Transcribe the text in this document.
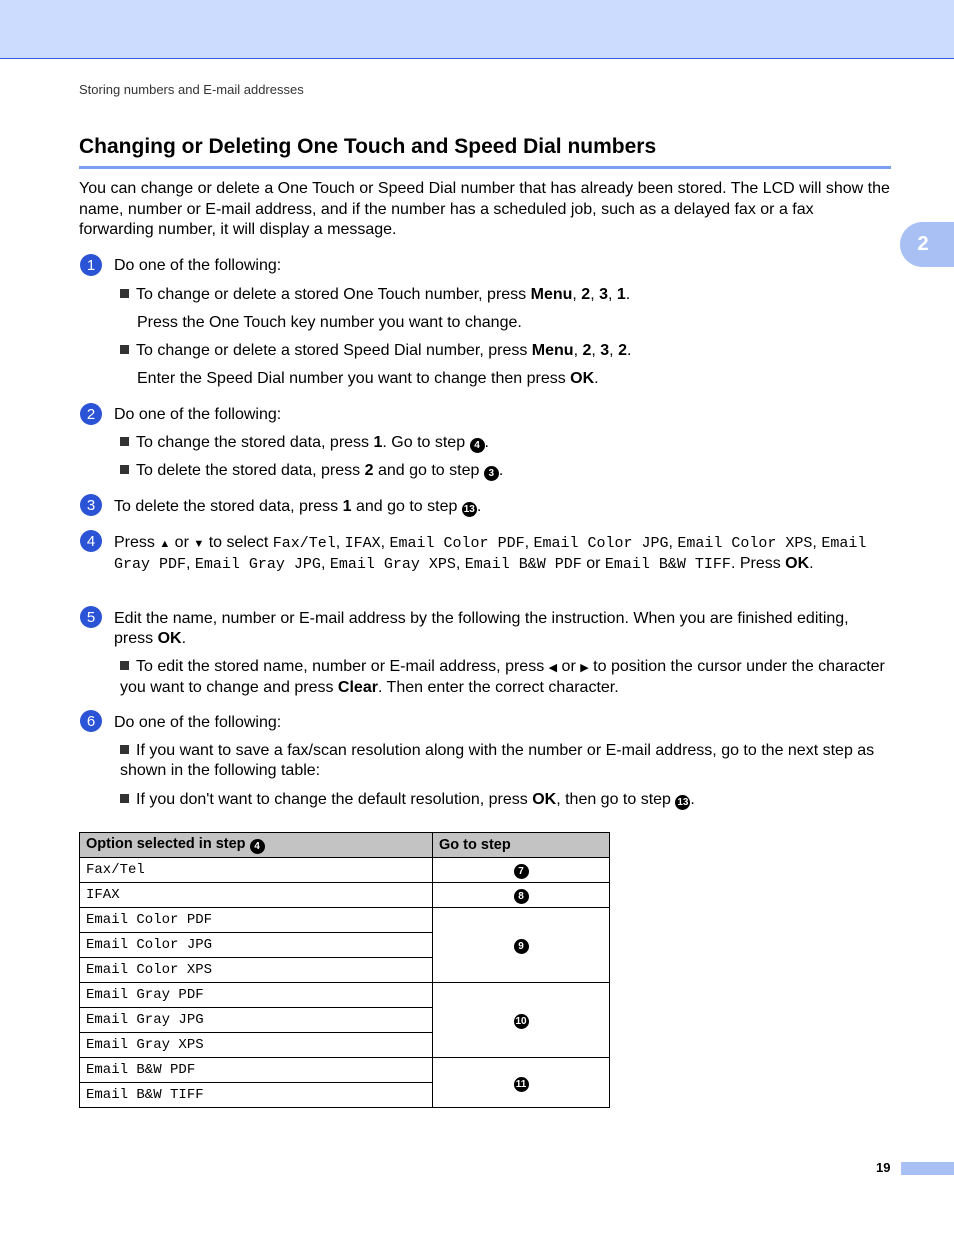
Storing numbers and E-mail addresses
2
Changing or Deleting One Touch and Speed Dial numbers
You can change or delete a One Touch or Speed Dial number that has already been stored. The LCD will show the name, number or E-mail address, and if the number has a scheduled job, such as a delayed fax or a fax forwarding number, it will display a message.
1	Do one of the following:
To change or delete a stored One Touch number, press Menu, 2, 3, 1.
Press the One Touch key number you want to change.
To change or delete a stored Speed Dial number, press Menu, 2, 3, 2.
Enter the Speed Dial number you want to change then press OK.
2	Do one of the following:
To change the stored data, press 1. Go to step 4 .
To delete the stored data, press 2 and go to step 3 .
3	To delete the stored data, press 1 and go to step 13 .
4	Press ▲ or ▼ to select Fax/Tel, IFAX, Email Color PDF, Email Color JPG, Email Color XPS, Email Gray PDF, Email Gray JPG, Email Gray XPS, Email B&W PDF or Email B&W TIFF. Press OK.
5	Edit the name, number or E-mail address by the following the instruction. When you are finished editing, press OK.
To edit the stored name, number or E-mail address, press ◀ or ▶ to position the cursor under the character you want to change and press Clear. Then enter the correct character.
6	Do one of the following:
If you want to save a fax/scan resolution along with the number or E-mail address, go to the next step as shown in the following table:
If you don't want to change the default resolution, press OK, then go to step 13 .
Option selected in step 4	Go to step
Fax/Tel	7
IFAX	8
Email Color PDF	9
Email Color JPG	
Email Color XPS	
Email Gray PDF	10
Email Gray JPG	
Email Gray XPS	
Email B&W PDF	11
Email B&W TIFF	
19
